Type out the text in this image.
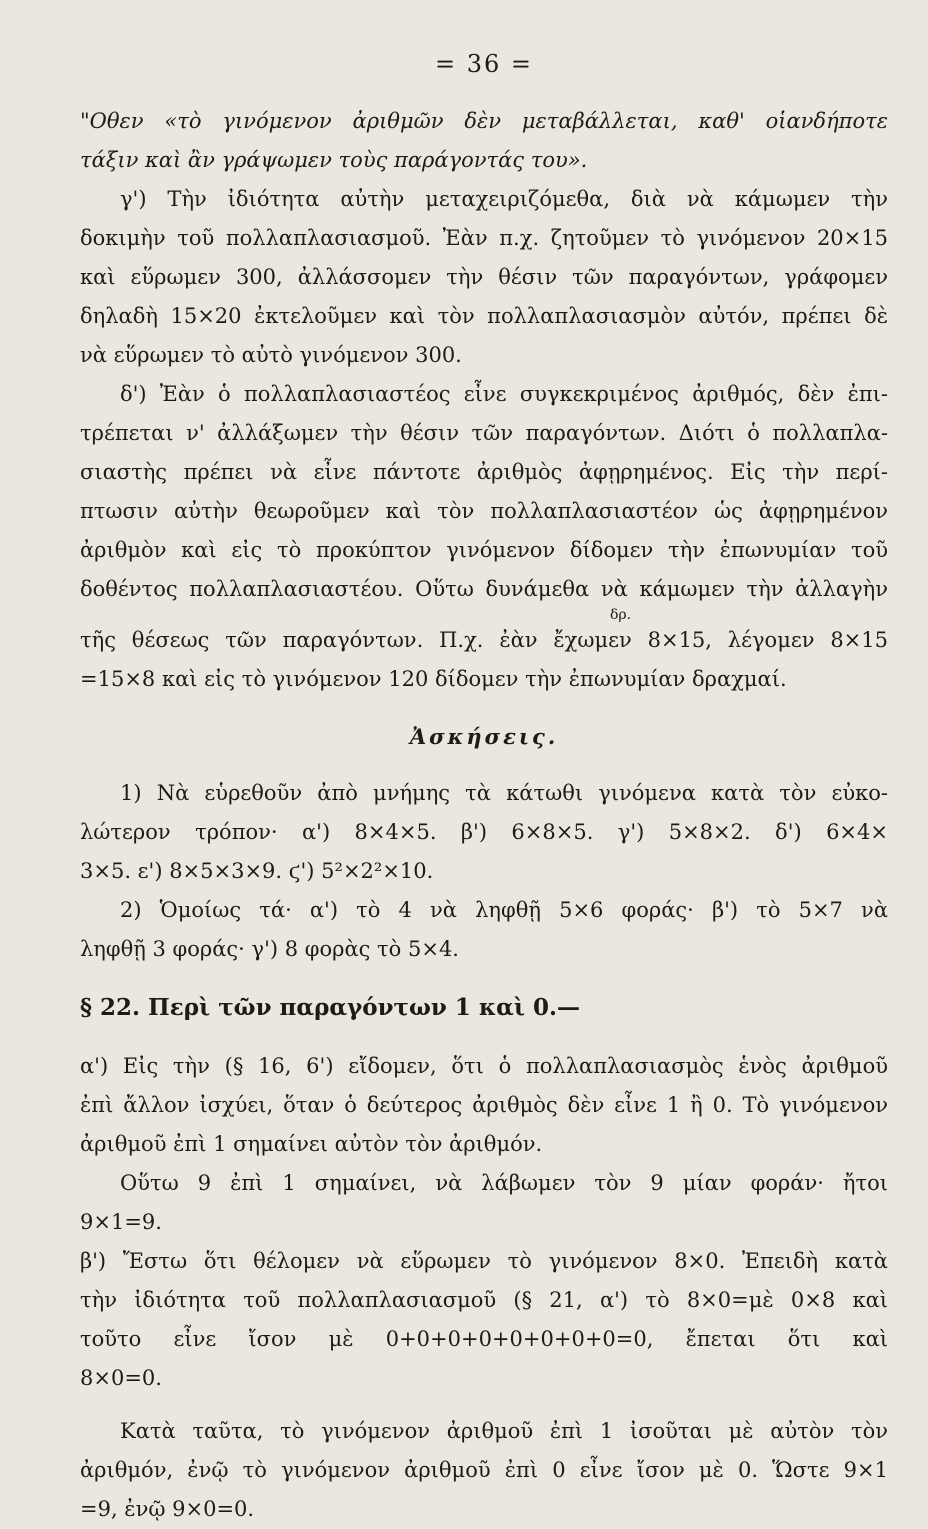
= 36 =
"Οθεν «τὸ γινόμενον ἀριθμῶν δὲν μεταβάλλεται, καθ' οἱανδήποτε
τάξιν καὶ ἂν γράψωμεν τοὺς παράγοντάς του».
γ') Τὴν ἰδιότητα αὐτὴν μεταχειριζόμεθα, διὰ νὰ κάμωμεν τὴν
δοκιμὴν τοῦ πολλαπλασιασμοῦ. Ἐὰν π.χ. ζητοῦμεν τὸ γινόμενον 20×15
καὶ εὕρωμεν 300, ἀλλάσσομεν τὴν θέσιν τῶν παραγόντων, γράφομεν
δηλαδὴ 15×20 ἐκτελοῦμεν καὶ τὸν πολλαπλασιασμὸν αὐτόν, πρέπει δὲ
νὰ εὕρωμεν τὸ αὐτὸ γινόμενον 300.
δ') Ἐὰν ὁ πολλαπλασιαστέος εἶνε συγκεκριμένος ἀριθμός, δὲν ἐπι-
τρέπεται ν' ἀλλάξωμεν τὴν θέσιν τῶν παραγόντων. Διότι ὁ πολλαπλα-
σιαστὴς πρέπει νὰ εἶνε πάντοτε ἀριθμὸς ἀφῃρημένος. Εἰς τὴν περί-
πτωσιν αὐτὴν θεωροῦμεν καὶ τὸν πολλαπλασιαστέον ὡς ἀφῃρημένον
ἀριθμὸν καὶ εἰς τὸ προκύπτον γινόμενον δίδομεν τὴν ἐπωνυμίαν τοῦ
δοθέντος πολλαπλασιαστέου. Οὕτω δυνάμεθα νὰ κάμωμεν τὴν ἀλλαγὴν
δρ.
τῆς θέσεως τῶν παραγόντων. Π.χ. ἐὰν ἔχωμεν 8×15, λέγομεν 8×15
=15×8 καὶ εἰς τὸ γινόμενον 120 δίδομεν τὴν ἐπωνυμίαν δραχμαί.
Ἀσκήσεις.
1) Νὰ εὑρεθοῦν ἀπὸ μνήμης τὰ κάτωθι γινόμενα κατὰ τὸν εὐκο-
λώτερον τρόπον· α') 8×4×5. β') 6×8×5. γ') 5×8×2. δ') 6×4×
3×5. ε') 8×5×3×9. ϛ') 5²×2²×10.
2) Ὁμοίως τά· α') τὸ 4 νὰ ληφθῇ 5×6 φοράς· β') τὸ 5×7 νὰ
ληφθῇ 3 φοράς· γ') 8 φορὰς τὸ 5×4.
§ 22. Περὶ τῶν παραγόντων 1 καὶ 0.—
α') Εἰς τὴν (§ 16, 6') εἴδομεν, ὅτι ὁ πολλαπλασιασμὸς ἑνὸς ἀριθμοῦ
ἐπὶ ἄλλον ἰσχύει, ὅταν ὁ δεύτερος ἀριθμὸς δὲν εἶνε 1 ἢ 0. Τὸ γινόμενον
ἀριθμοῦ ἐπὶ 1 σημαίνει αὐτὸν τὸν ἀριθμόν.
Οὕτω 9 ἐπὶ 1 σημαίνει, νὰ λάβωμεν τὸν 9 μίαν φοράν· ἤτοι
9×1=9.
β') Ἔστω ὅτι θέλομεν νὰ εὕρωμεν τὸ γινόμενον 8×0. Ἐπειδὴ κατὰ
τὴν ἰδιότητα τοῦ πολλαπλασιασμοῦ (§ 21, α') τὸ 8×0=μὲ 0×8 καὶ
τοῦτο εἶνε ἴσον μὲ 0+0+0+0+0+0+0+0=0, ἔπεται ὅτι καὶ
8×0=0.
Κατὰ ταῦτα, τὸ γινόμενον ἀριθμοῦ ἐπὶ 1 ἰσοῦται μὲ αὐτὸν τὸν
ἀριθμόν, ἐνῷ τὸ γινόμενον ἀριθμοῦ ἐπὶ 0 εἶνε ἴσον μὲ 0. Ὥστε 9×1
=9, ἐνῷ 9×0=0.
